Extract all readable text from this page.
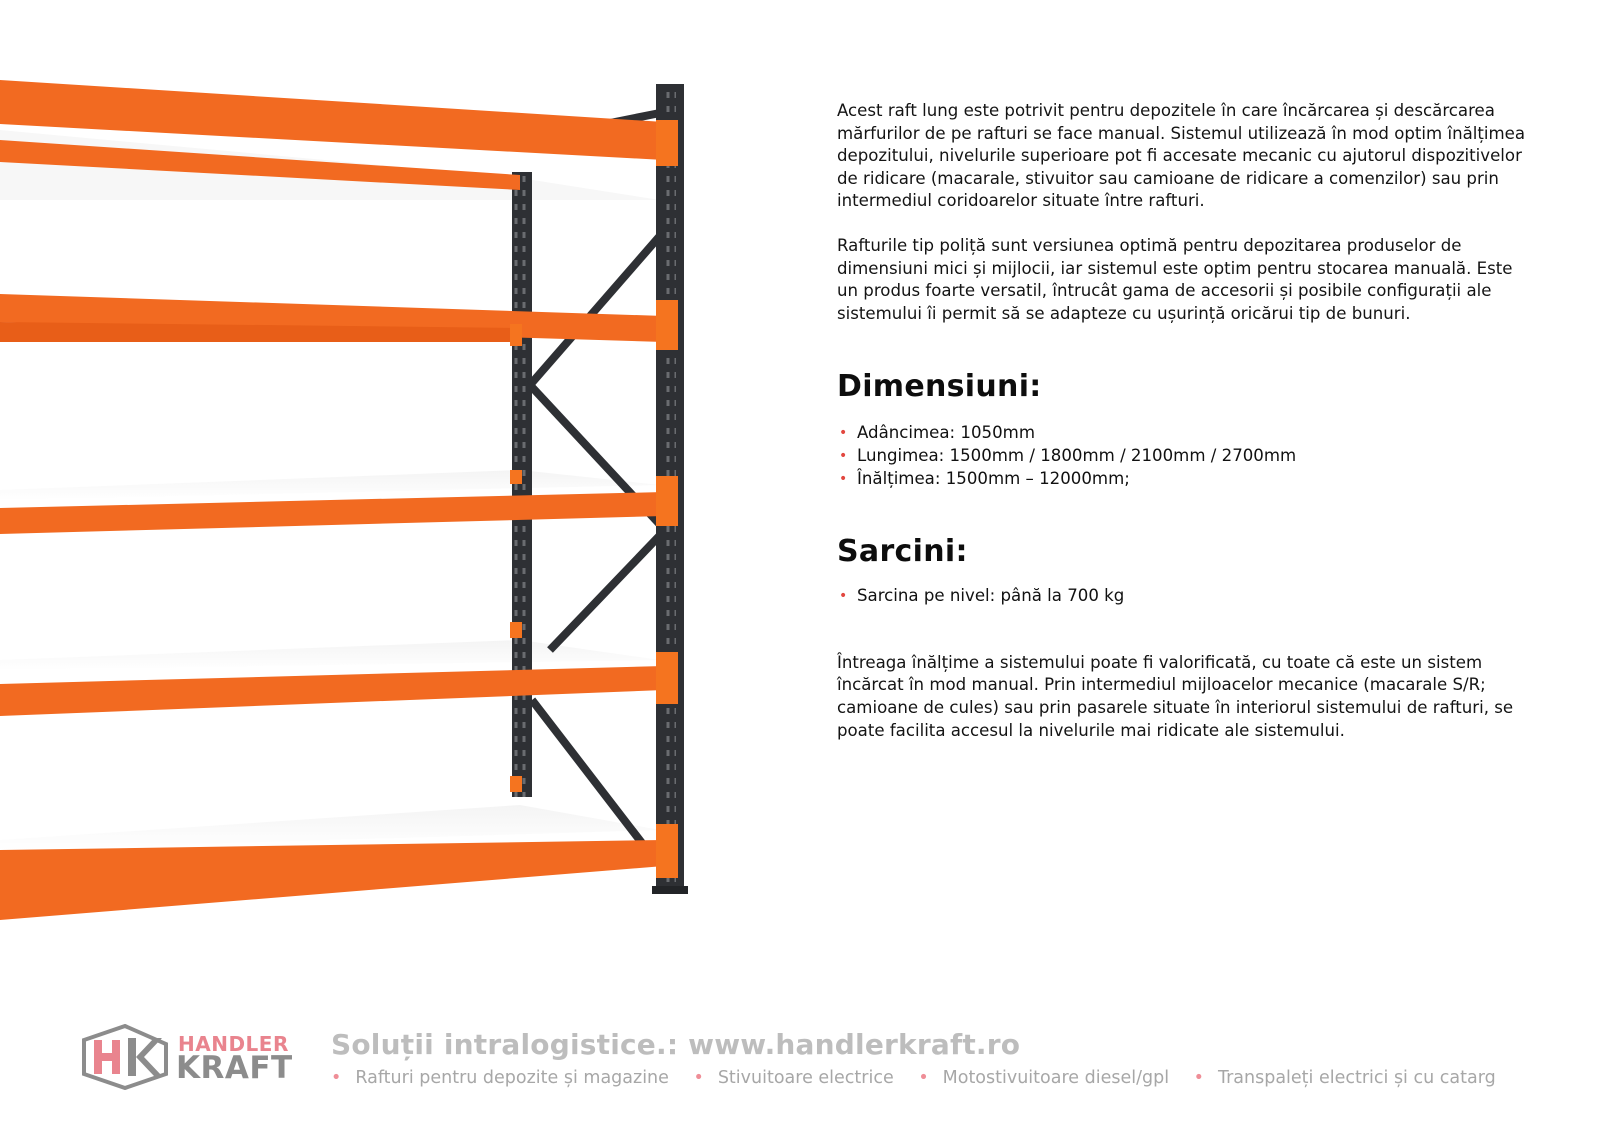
Acest raft lung este potrivit pentru depozitele în care încărcarea și descărcarea mărfurilor de pe rafturi se face manual. Sistemul utilizează în mod optim înălțimea depozitului, nivelurile superioare pot fi accesate mecanic cu ajutorul dispozitivelor de ridicare (macarale, stivuitor sau camioane de ridicare a comenzilor) sau prin intermediul coridoarelor situate între rafturi.

Rafturile tip poliță sunt versiunea optimă pentru depozitarea produselor de dimensiuni mici și mijlocii, iar sistemul este optim pentru stocarea manuală. Este un produs foarte versatil, întrucât gama de accesorii și posibile configurații ale sistemului îi permit să se adapteze cu ușurință oricărui tip de bunuri.

Dimensiuni:
• Adâncimea: 1050mm
• Lungimea: 1500mm / 1800mm / 2100mm / 2700mm
• Înălțimea: 1500mm – 12000mm;
Sarcini:
• Sarcina pe nivel: până la 700 kg

Întreaga înălțime a sistemului poate fi valorificată, cu toate că este un sistem încărcat în mod manual. Prin intermediul mijloacelor mecanice (macarale S/R; camioane de cules) sau prin pasarele situate în interiorul sistemului de rafturi, se poate facilita accesul la nivelurile mai ridicate ale sistemului.

HANDLER
KRAFT
Soluții intralogistice.: www.handlerkraft.ro
• Rafturi pentru depozite și magazine • Stivuitoare electrice • Motostivuitoare diesel/gpl • Transpaleți electrici și cu catarg
